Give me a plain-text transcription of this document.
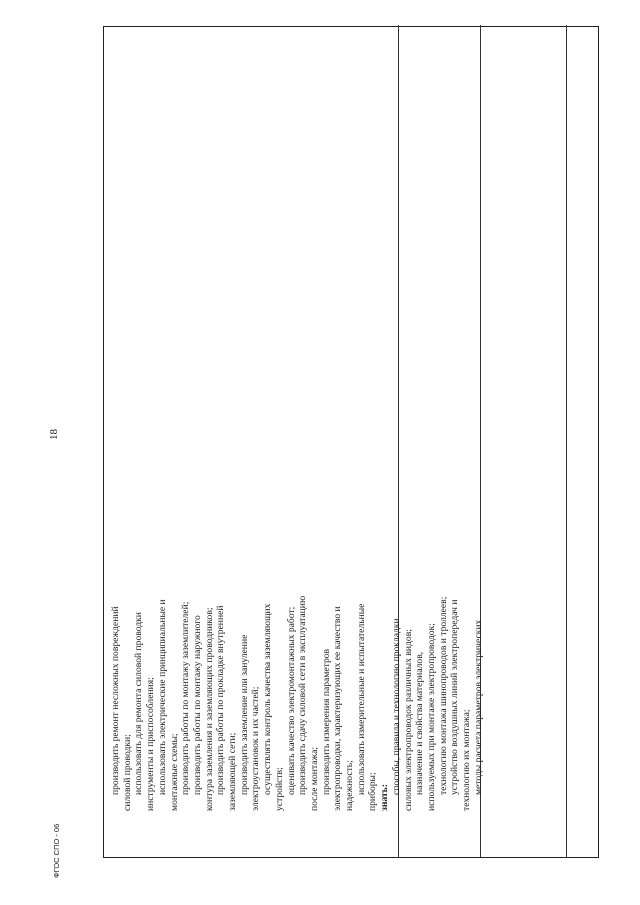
производить ремонт несложных повреждений силовой проводки; использовать для ремонта силовой проводки инструменты и приспособления; использовать электрические принципиальные и монтажные схемы; производить работы по монтажу заземлителей; производить работы по монтажу наружного контура заземления и заземляющих проводников; производить работы по прокладке внутренней заземляющей сети; производить заземление или зануление электроустановок и их частей; осуществлять контроль качества заземляющих устройств; оценивать качество электромонтажных работ; производить сдачу силовой сети в эксплуатацию после монтажа; производить измерения параметров электропроводки, характеризующих ее качество и надежность; использовать измерительные и испытательные приборы; знать:
способы, правила и технологию прокладки силовых электропроводок различных видов; назначение и свойства материалов, используемых при монтаже электропроводок; технологию монтажа шинопроводов и троллеев; устройство воздушных линий электропередач и технологию их монтажа; методы расчета параметров электрических
18
ФГОС СПО - 06
